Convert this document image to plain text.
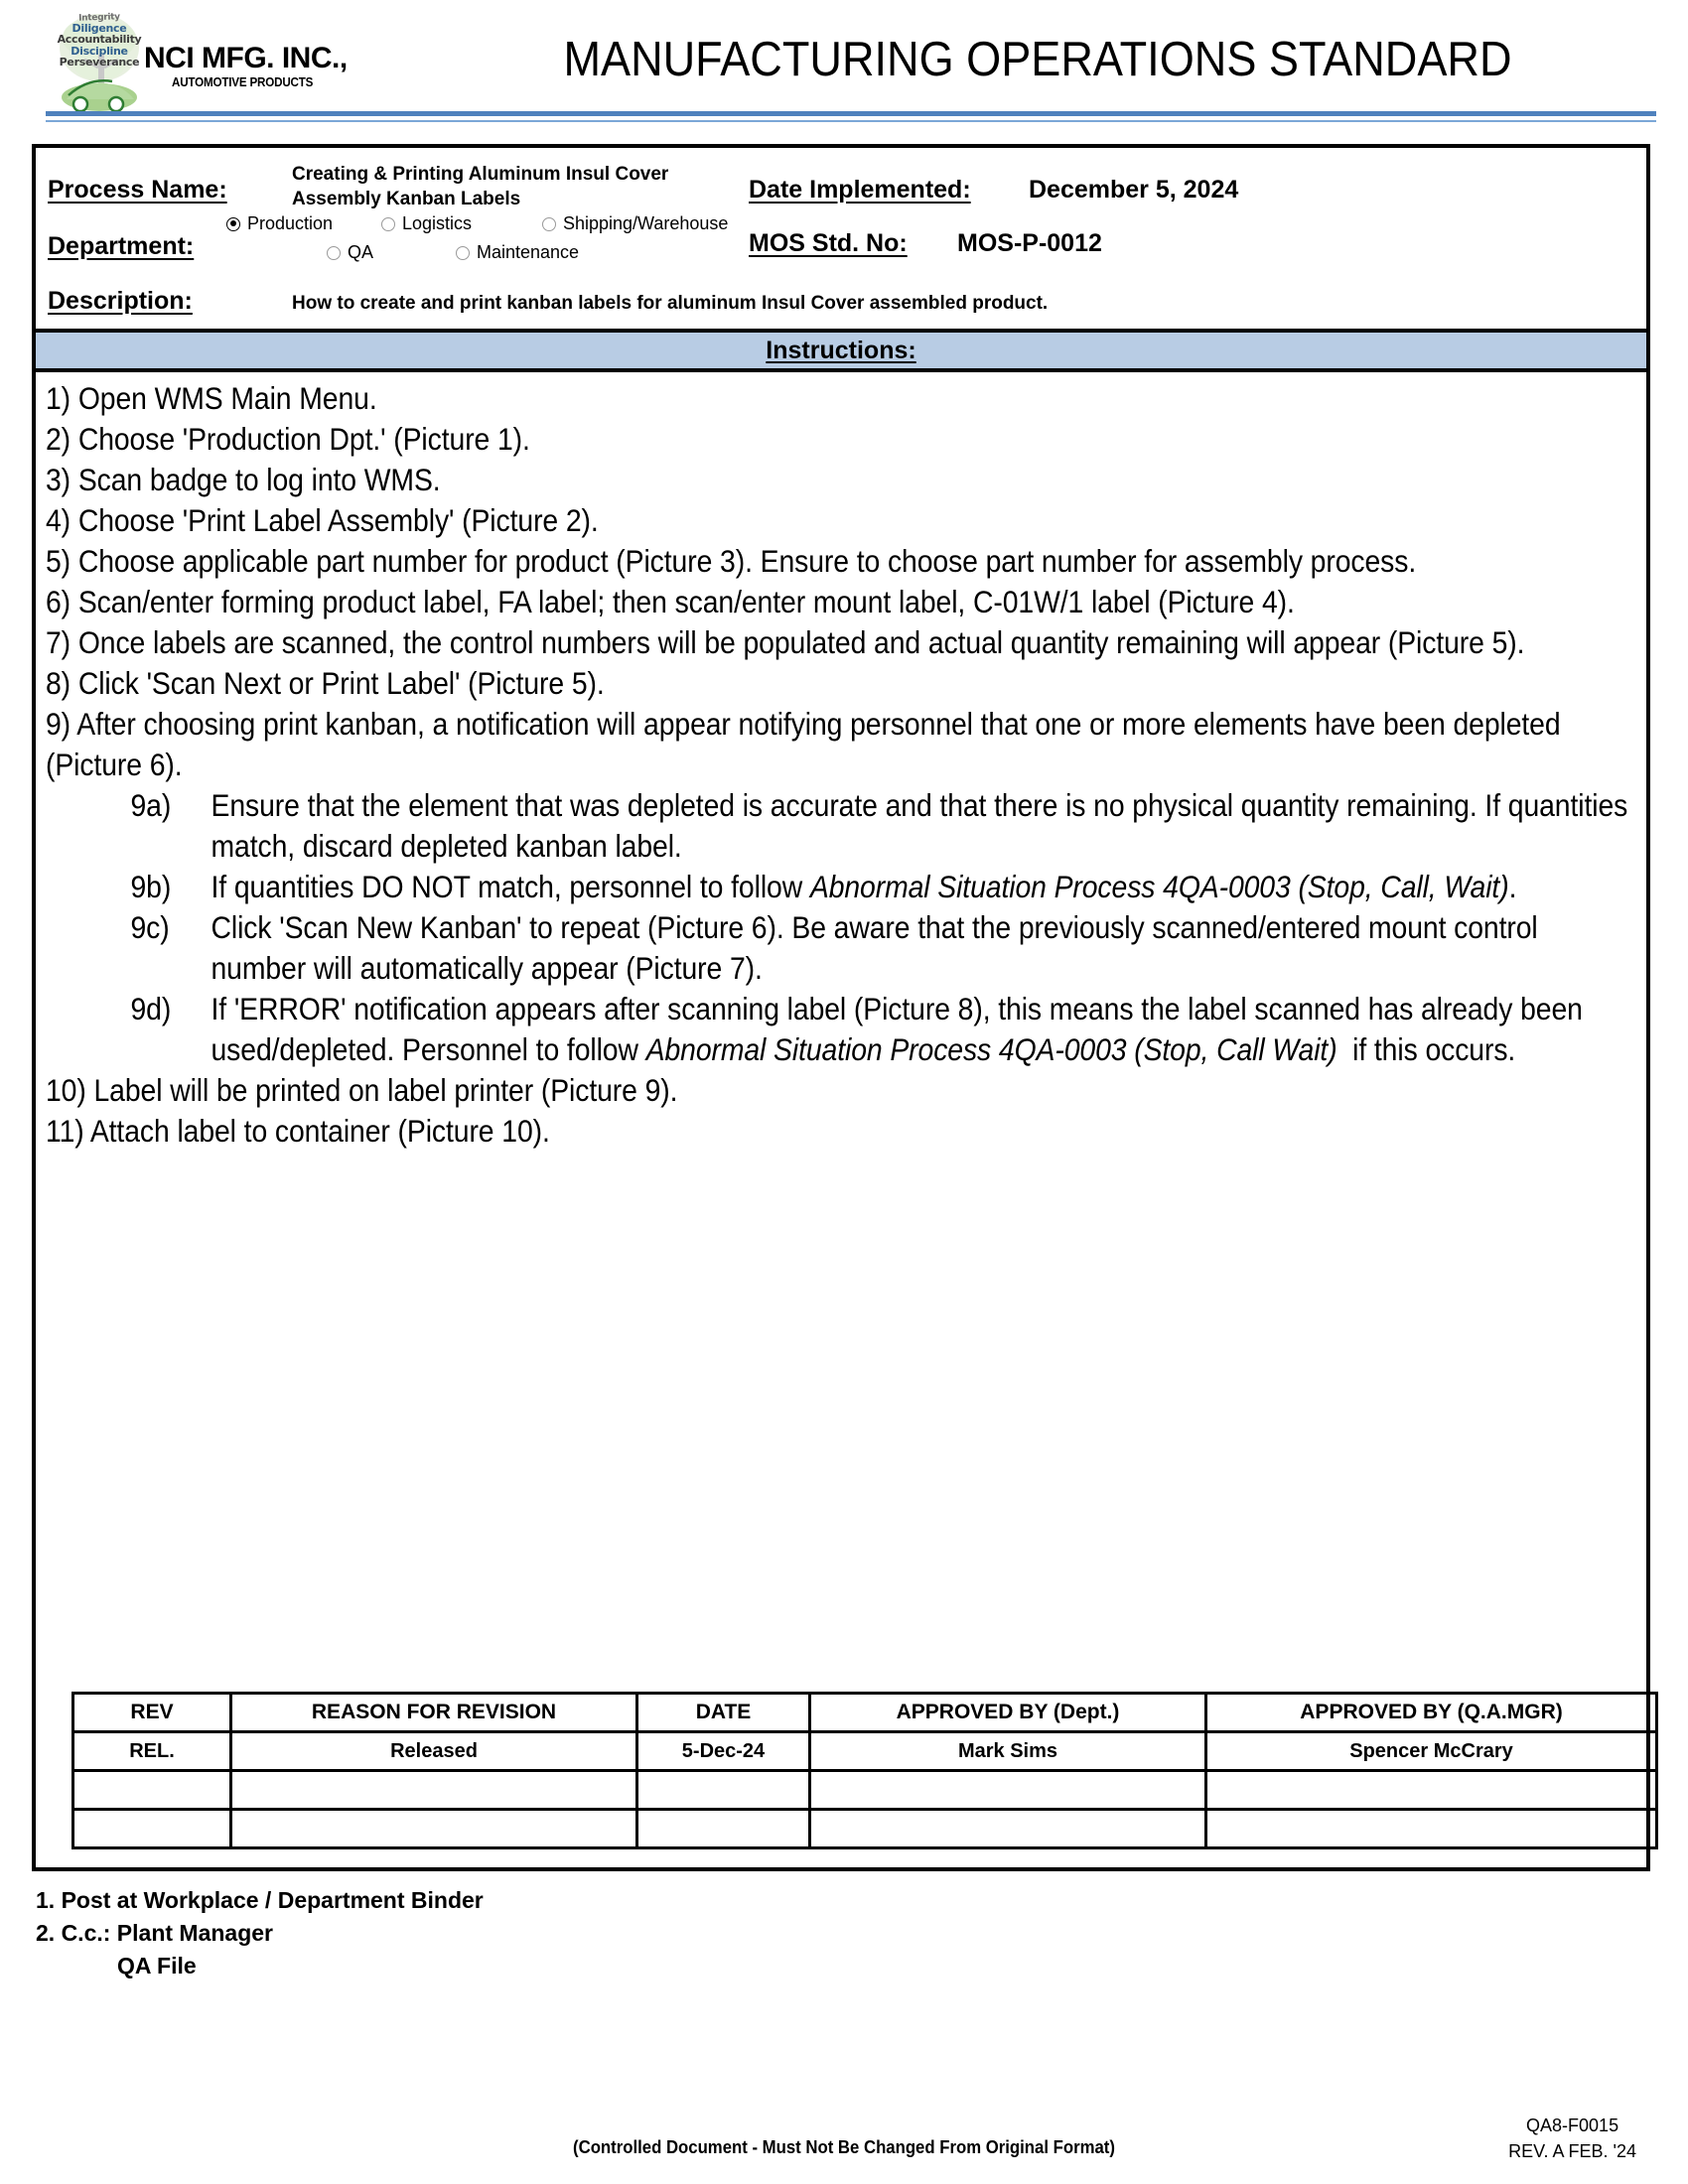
Integrity
Diligence
Accountability
Discipline
Perseverance NCI MFG. INC.,
AUTOMOTIVE PRODUCTS	MANUFACTURING OPERATIONS STANDARD
Process Name:
Creating & Printing Aluminum Insul Cover
Assembly Kanban Labels	Date Implemented: December 5, 2024
Department:
Production	Logistics	Shipping/Warehouse
QA	Maintenance	MOS Std. No: MOS-P-0012
Description:	How to create and print kanban labels for aluminum Insul Cover assembled product.
Instructions:
1) Open WMS Main Menu.
2) Choose 'Production Dpt.' (Picture 1).
3) Scan badge to log into WMS.
4) Choose 'Print Label Assembly' (Picture 2).
5) Choose applicable part number for product (Picture 3). Ensure to choose part number for assembly process.
6) Scan/enter forming product label, FA label; then scan/enter mount label, C-01W/1 label (Picture 4).
7) Once labels are scanned, the control numbers will be populated and actual quantity remaining will appear (Picture 5).
8) Click 'Scan Next or Print Label' (Picture 5).
9) After choosing print kanban, a notification will appear notifying personnel that one or more elements have been depleted (Picture 6).
9a)	Ensure that the element that was depleted is accurate and that there is no physical quantity remaining. If quantities match, discard depleted kanban label.
9b)	If quantities DO NOT match, personnel to follow Abnormal Situation Process 4QA-0003 (Stop, Call, Wait).
9c)	Click 'Scan New Kanban' to repeat (Picture 6). Be aware that the previously scanned/entered mount control number will automatically appear (Picture 7).
9d)	If 'ERROR' notification appears after scanning label (Picture 8), this means the label scanned has already been used/depleted. Personnel to follow Abnormal Situation Process 4QA-0003 (Stop, Call Wait)  if this occurs.
10) Label will be printed on label printer (Picture 9).
11) Attach label to container (Picture 10).
REV	REASON FOR REVISION	DATE	APPROVED BY (Dept.)	APPROVED BY (Q.A.MGR)
REL.	Released	5-Dec-24	Mark Sims	Spencer McCrary

1. Post at Workplace / Department Binder
2. C.c.: Plant Manager
QA File
(Controlled Document - Must Not Be Changed From Original Format)
QA8-F0015
REV. A FEB. '24
